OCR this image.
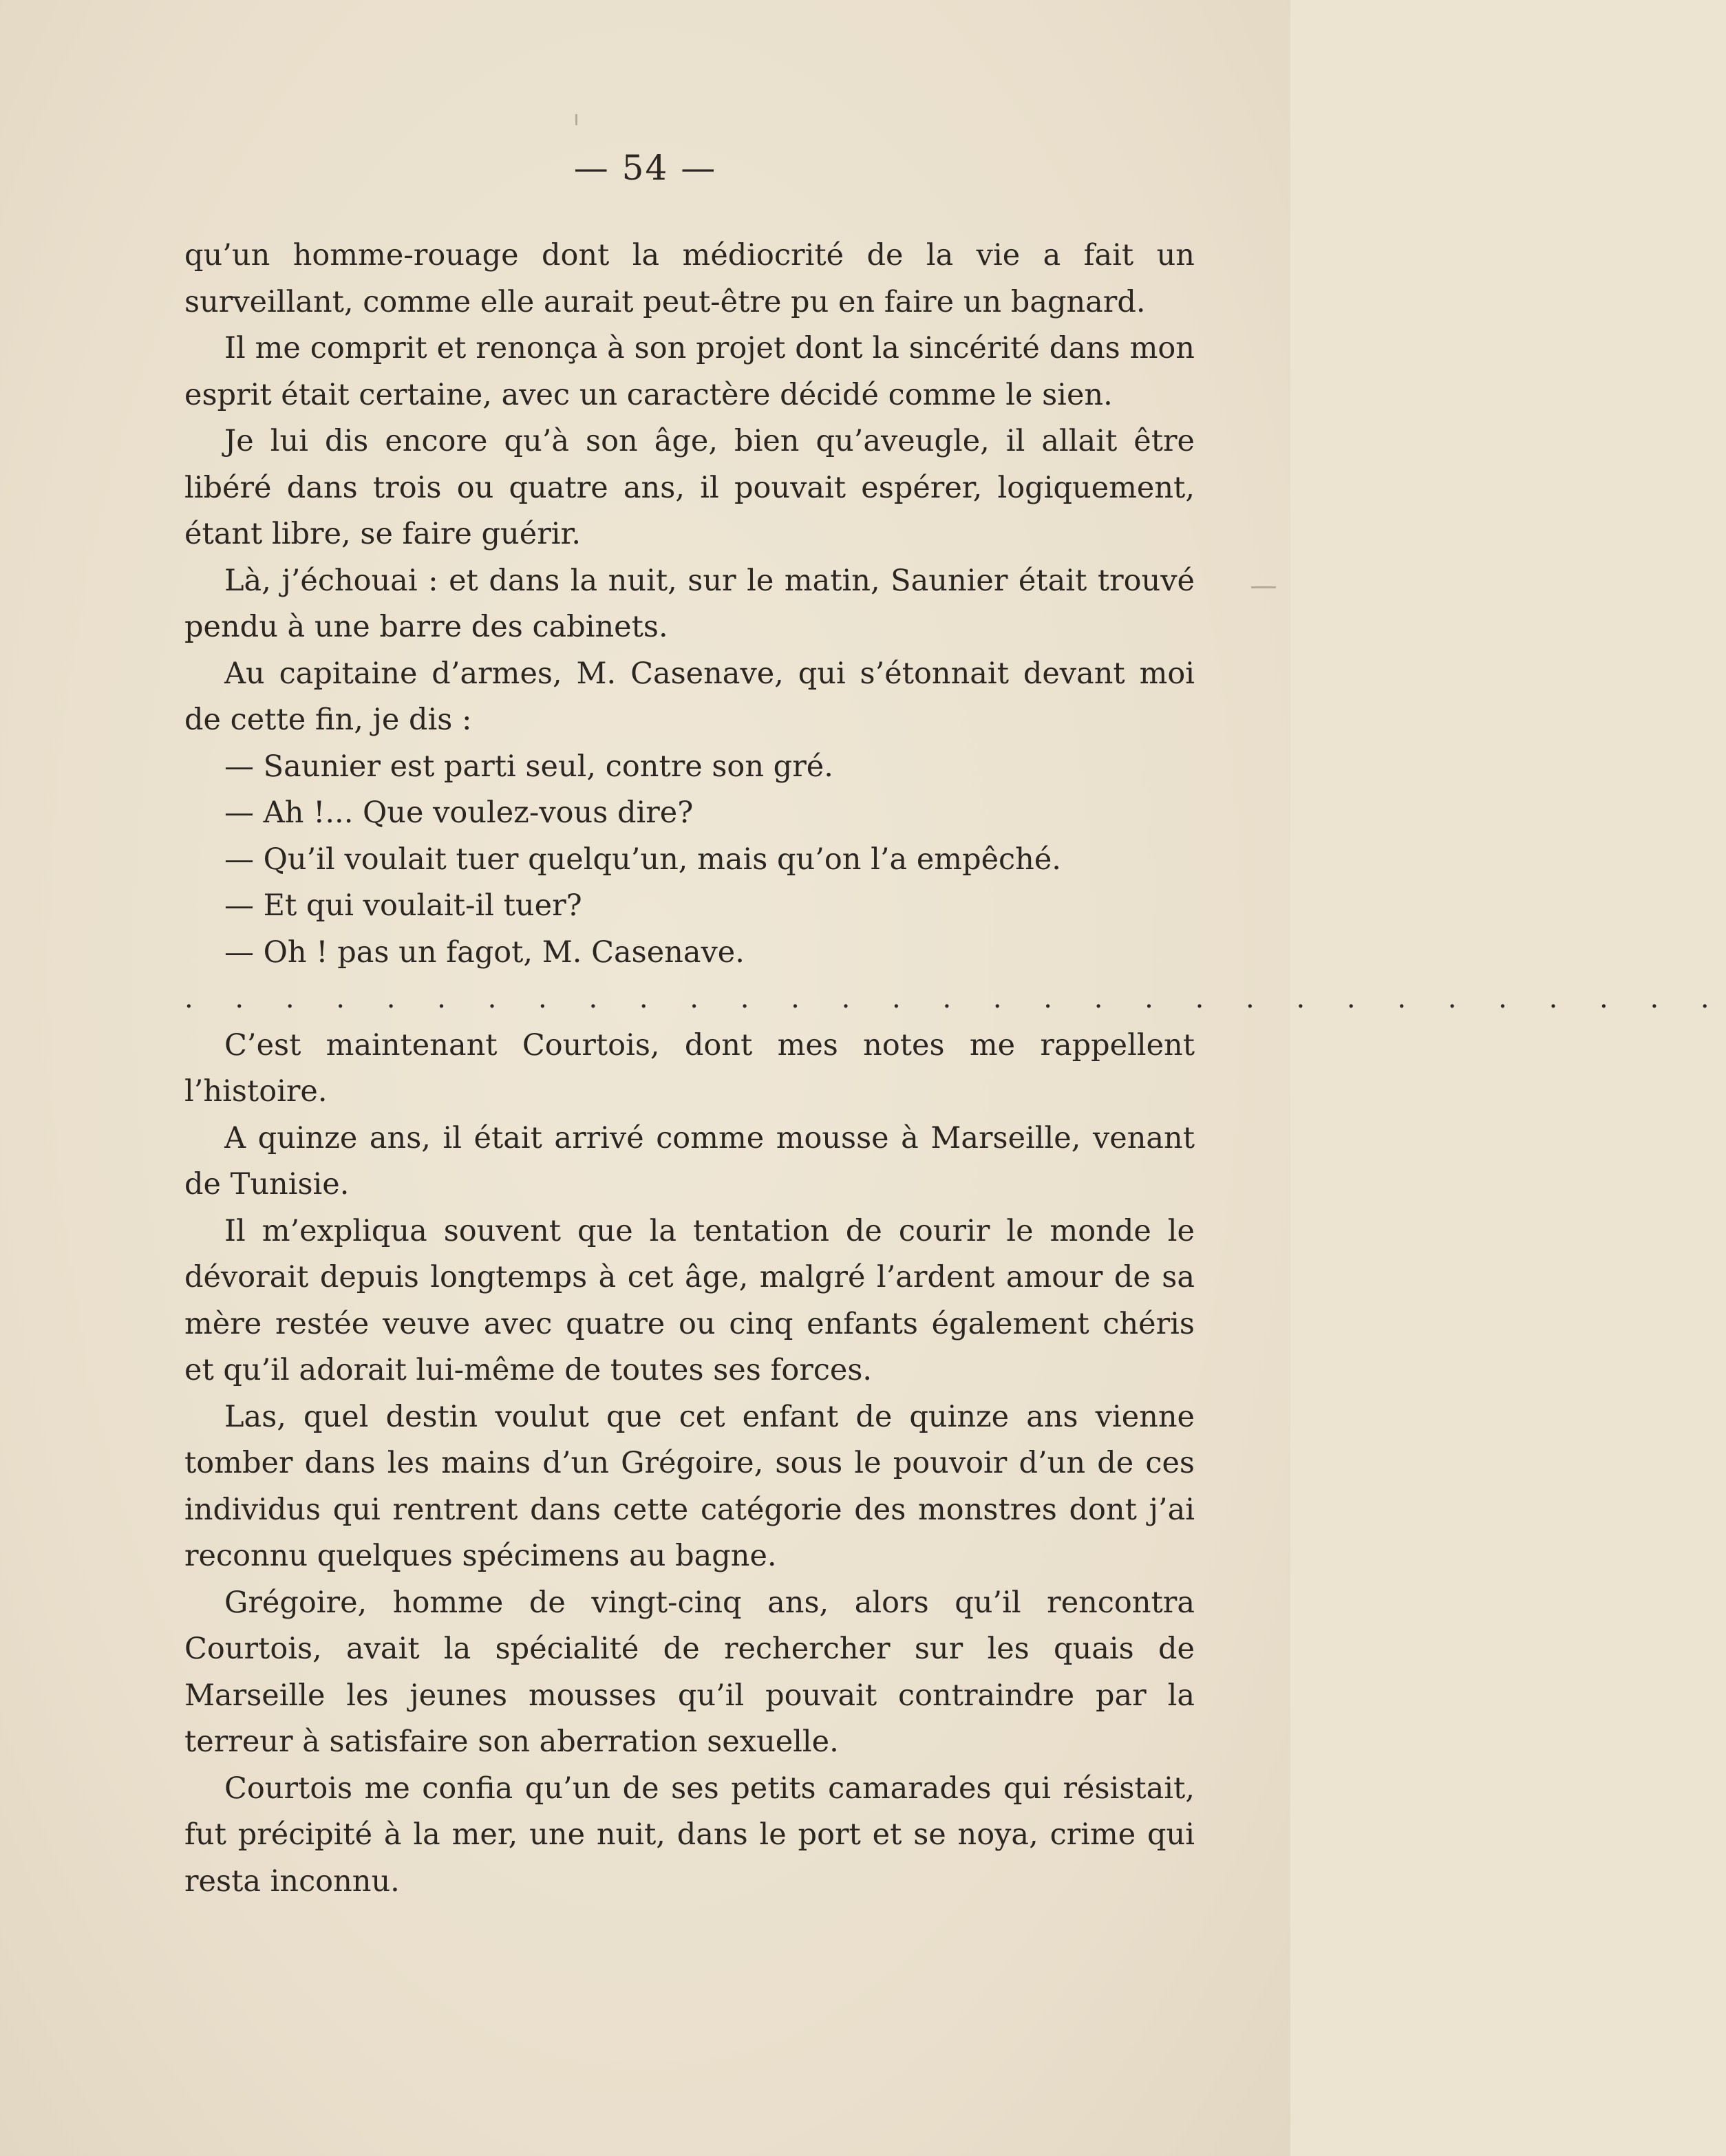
— 54 —

qu’un homme-rouage dont la médiocrité de la vie a fait un surveillant, comme elle aurait peut-être pu en faire un bagnard.

Il me comprit et renonça à son projet dont la sincérité dans mon esprit était certaine, avec un caractère décidé comme le sien.

Je lui dis encore qu’à son âge, bien qu’aveugle, il allait être libéré dans trois ou quatre ans, il pouvait espérer, logiquement, étant libre, se faire guérir.

Là, j’échouai : et dans la nuit, sur le matin, Saunier était trouvé pendu à une barre des cabinets.

Au capitaine d’armes, M. Casenave, qui s’étonnait devant moi de cette fin, je dis :

— Saunier est parti seul, contre son gré.

— Ah !... Que voulez-vous dire?

— Qu’il voulait tuer quelqu’un, mais qu’on l’a empêché.

— Et qui voulait-il tuer?

— Oh ! pas un fagot, M. Casenave.

. . . . . . . . . . . . . . . . . . . . . . . . . . . . . . .

C’est maintenant Courtois, dont mes notes me rappellent l’histoire.

A quinze ans, il était arrivé comme mousse à Marseille, venant de Tunisie.

Il m’expliqua souvent que la tentation de courir le monde le dévorait depuis longtemps à cet âge, malgré l’ardent amour de sa mère restée veuve avec quatre ou cinq enfants également chéris et qu’il adorait lui-même de toutes ses forces.

Las, quel destin voulut que cet enfant de quinze ans vienne tomber dans les mains d’un Grégoire, sous le pouvoir d’un de ces individus qui rentrent dans cette catégorie des monstres dont j’ai reconnu quelques spécimens au bagne.

Grégoire, homme de vingt-cinq ans, alors qu’il rencontra Courtois, avait la spécialité de rechercher sur les quais de Marseille les jeunes mousses qu’il pouvait contraindre par la terreur à satisfaire son aberration sexuelle.

Courtois me confia qu’un de ses petits camarades qui résistait, fut précipité à la mer, une nuit, dans le port et se noya, crime qui resta inconnu.
